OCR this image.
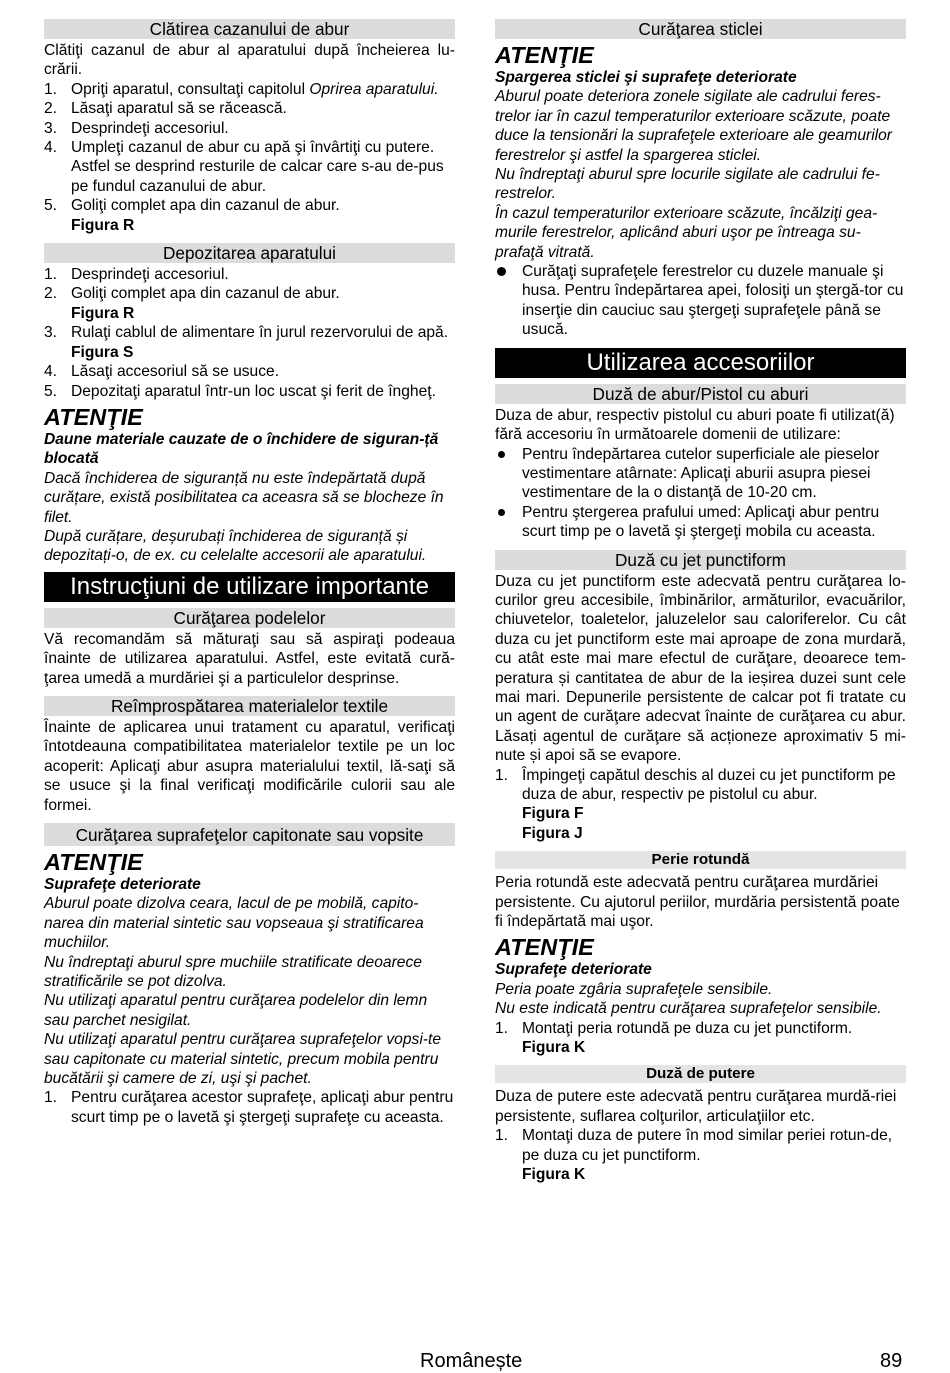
Clătirea cazanului de abur

Clătiţi cazanul de abur al aparatului după încheierea lu-crării.

1. Opriţi aparatul, consultaţi capitolul Oprirea aparatului.
2. Lăsaţi aparatul să se răcească.
3. Desprindeţi accesoriul.
4. Umpleţi cazanul de abur cu apă şi învârtiţi cu putere. Astfel se desprind resturile de calcar care s-au de-pus pe fundul cazanului de abur.
5. Goliţi complet apa din cazanul de abur.
Figura R
Depozitarea aparatului
1. Desprindeţi accesoriul.
2. Goliţi complet apa din cazanul de abur.
Figura R
3. Rulaţi cablul de alimentare în jurul rezervorului de apă.
Figura S
4. Lăsaţi accesoriul să se usuce.
5. Depozitaţi aparatul într-un loc uscat şi ferit de îngheţ.
ATENŢIE

Daune materiale cauzate de o închidere de siguran-ță blocată

Dacă închiderea de siguranță nu este îndepărtată după curățare, există posibilitatea ca aceasra să se blocheze în filet.

După curățare, deșurubați închiderea de siguranță și depozitați-o, de ex. cu celelalte accesorii ale aparatului.

Instrucţiuni de utilizare importante
Curăţarea podelelor

Vă recomandăm să măturaţi sau să aspiraţi podeaua înainte de utilizarea aparatului. Astfel, este evitată cură-ţarea umedă a murdăriei şi a particulelor desprinse.

Reîmprospătarea materialelor textile

Înainte de aplicarea unui tratament cu aparatul, verificaţi întotdeauna compatibilitatea materialelor textile pe un loc acoperit: Aplicaţi abur asupra materialului textil, lă-saţi să se usuce şi la final verificaţi modificările culorii sau ale formei.

Curăţarea suprafeţelor capitonate sau vopsite
ATENŢIE

Suprafeţe deteriorate

Aburul poate dizolva ceara, lacul de pe mobilă, capito-narea din material sintetic sau vopseaua şi stratificarea muchiilor.

Nu îndreptaţi aburul spre muchiile stratificate deoarece stratificările se pot dizolva.

Nu utilizaţi aparatul pentru curăţarea podelelor din lemn sau parchet nesigilat.

Nu utilizaţi aparatul pentru curăţarea suprafeţelor vopsi-te sau capitonate cu material sintetic, precum mobila pentru bucătării şi camere de zi, uşi şi pachet.

1. Pentru curăţarea acestor suprafeţe, aplicaţi abur pentru scurt timp pe o lavetă şi ştergeţi suprafeţe cu aceasta.
Curăţarea sticlei
ATENŢIE

Spargerea sticlei şi suprafeţe deteriorate

Aburul poate deteriora zonele sigilate ale cadrului feres-trelor iar în cazul temperaturilor exterioare scăzute, poate duce la tensionări la suprafeţele exterioare ale geamurilor ferestrelor şi astfel la spargerea sticlei.

Nu îndreptaţi aburul spre locurile sigilate ale cadrului fe-restrelor.

În cazul temperaturilor exterioare scăzute, încălziţi gea-murile ferestrelor, aplicând aburi uşor pe întreaga su-prafaţă vitrată.

Curăţaţi suprafeţele ferestrelor cu duzele manuale şi husa. Pentru îndepărtarea apei, folosiţi un ştergă-tor cu inserţie din cauciuc sau ştergeţi suprafeţele până se usucă.
Utilizarea accesoriilor
Duză de abur/Pistol cu aburi

Duza de abur, respectiv pistolul cu aburi poate fi utilizat(ă) fără accesoriu în următoarele domenii de utilizare:

Pentru îndepărtarea cutelor superficiale ale pieselor vestimentare atârnate: Aplicaţi aburii asupra piesei vestimentare de la o distanţă de 10-20 cm.
Pentru ştergerea prafului umed: Aplicaţi abur pentru scurt timp pe o lavetă şi ştergeţi mobila cu aceasta.
Duză cu jet punctiform

Duza cu jet punctiform este adecvată pentru curăţarea lo-curilor greu accesibile, îmbinărilor, armăturilor, evacuărilor, chiuvetelor, toaletelor, jaluzelelor sau caloriferelor. Cu cât duza cu jet punctiform este mai aproape de zona murdară, cu atât este mai mare efectul de curăţare, deoarece tem-peratura și cantitatea de abur de la ieșirea duzei sunt cele mai mari. Depunerile persistente de calcar pot fi tratate cu un agent de curăţare adecvat înainte de curăţarea cu abur. Lăsați agentul de curăţare să acționeze aproximativ 5 mi-nute și apoi să se evapore.

1. Împingeţi capătul deschis al duzei cu jet punctiform pe duza de abur, respectiv pe pistolul cu abur.
Figura F
Figura J
Perie rotundă

Peria rotundă este adecvată pentru curăţarea murdăriei persistente. Cu ajutorul periilor, murdăria persistentă poate fi îndepărtată mai uşor.

ATENŢIE

Suprafeţe deteriorate

Peria poate zgâria suprafeţele sensibile.

Nu este indicată pentru curăţarea suprafeţelor sensibile.

1. Montaţi peria rotundă pe duza cu jet punctiform.
Figura K
Duză de putere

Duza de putere este adecvată pentru curăţarea murdă-riei persistente, suflarea colţurilor, articulaţiilor etc.

1. Montaţi duza de putere în mod similar periei rotun-de, pe duza cu jet punctiform.
Figura K
Românește	89
